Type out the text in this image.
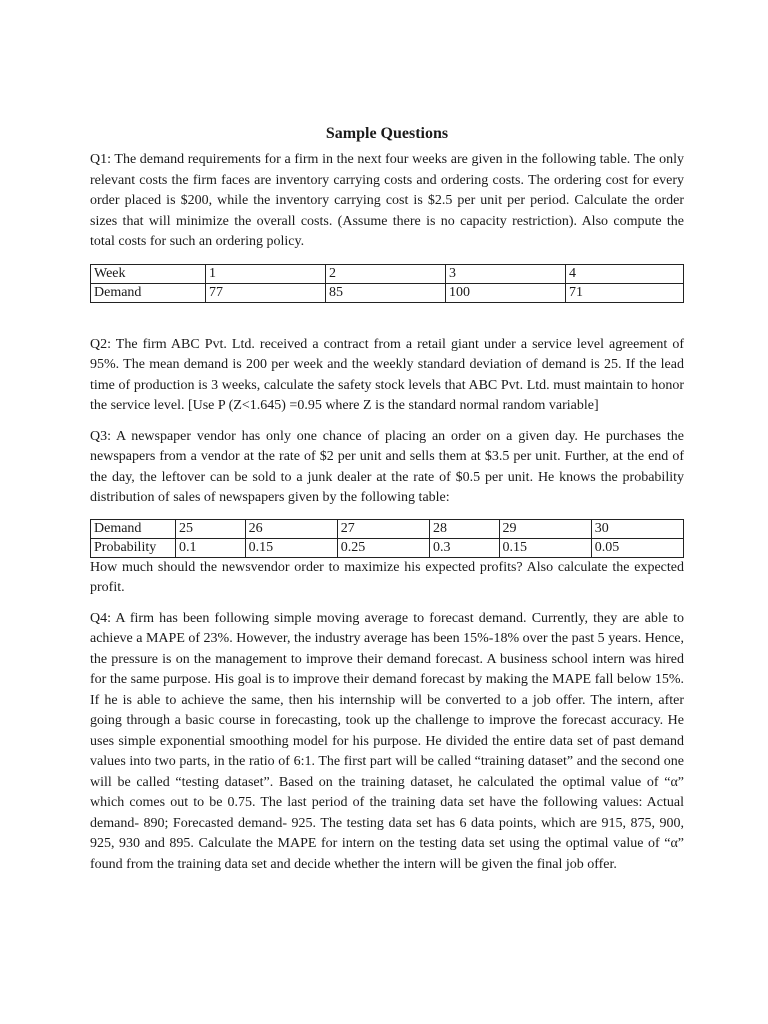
Sample Questions

Q1: The demand requirements for a firm in the next four weeks are given in the following table. The only relevant costs the firm faces are inventory carrying costs and ordering costs. The ordering cost for every order placed is $200, while the inventory carrying cost is $2.5 per unit per period. Calculate the order sizes that will minimize the overall costs. (Assume there is no capacity restriction). Also compute the total costs for such an ordering policy.

Week	1	2	3	4
Demand	77	85	100	71

Q2: The firm ABC Pvt. Ltd. received a contract from a retail giant under a service level agreement of 95%. The mean demand is 200 per week and the weekly standard deviation of demand is 25. If the lead time of production is 3 weeks, calculate the safety stock levels that ABC Pvt. Ltd. must maintain to honor the service level. [Use P (Z<1.645) =0.95 where Z is the standard normal random variable]

Q3: A newspaper vendor has only one chance of placing an order on a given day. He purchases the newspapers from a vendor at the rate of $2 per unit and sells them at $3.5 per unit. Further, at the end of the day, the leftover can be sold to a junk dealer at the rate of $0.5 per unit. He knows the probability distribution of sales of newspapers given by the following table:

Demand	25	26	27	28	29	30
Probability	0.1	0.15	0.25	0.3	0.15	0.05

How much should the newsvendor order to maximize his expected profits? Also calculate the expected profit.

Q4: A firm has been following simple moving average to forecast demand. Currently, they are able to achieve a MAPE of 23%. However, the industry average has been 15%-18% over the past 5 years. Hence, the pressure is on the management to improve their demand forecast. A business school intern was hired for the same purpose. His goal is to improve their demand forecast by making the MAPE fall below 15%. If he is able to achieve the same, then his internship will be converted to a job offer. The intern, after going through a basic course in forecasting, took up the challenge to improve the forecast accuracy. He uses simple exponential smoothing model for his purpose. He divided the entire data set of past demand values into two parts, in the ratio of 6:1. The first part will be called “training dataset” and the second one will be called “testing dataset”. Based on the training dataset, he calculated the optimal value of “α” which comes out to be 0.75. The last period of the training data set have the following values: Actual demand- 890; Forecasted demand- 925. The testing data set has 6 data points, which are 915, 875, 900, 925, 930 and 895. Calculate the MAPE for intern on the testing data set using the optimal value of “α” found from the training data set and decide whether the intern will be given the final job offer.
